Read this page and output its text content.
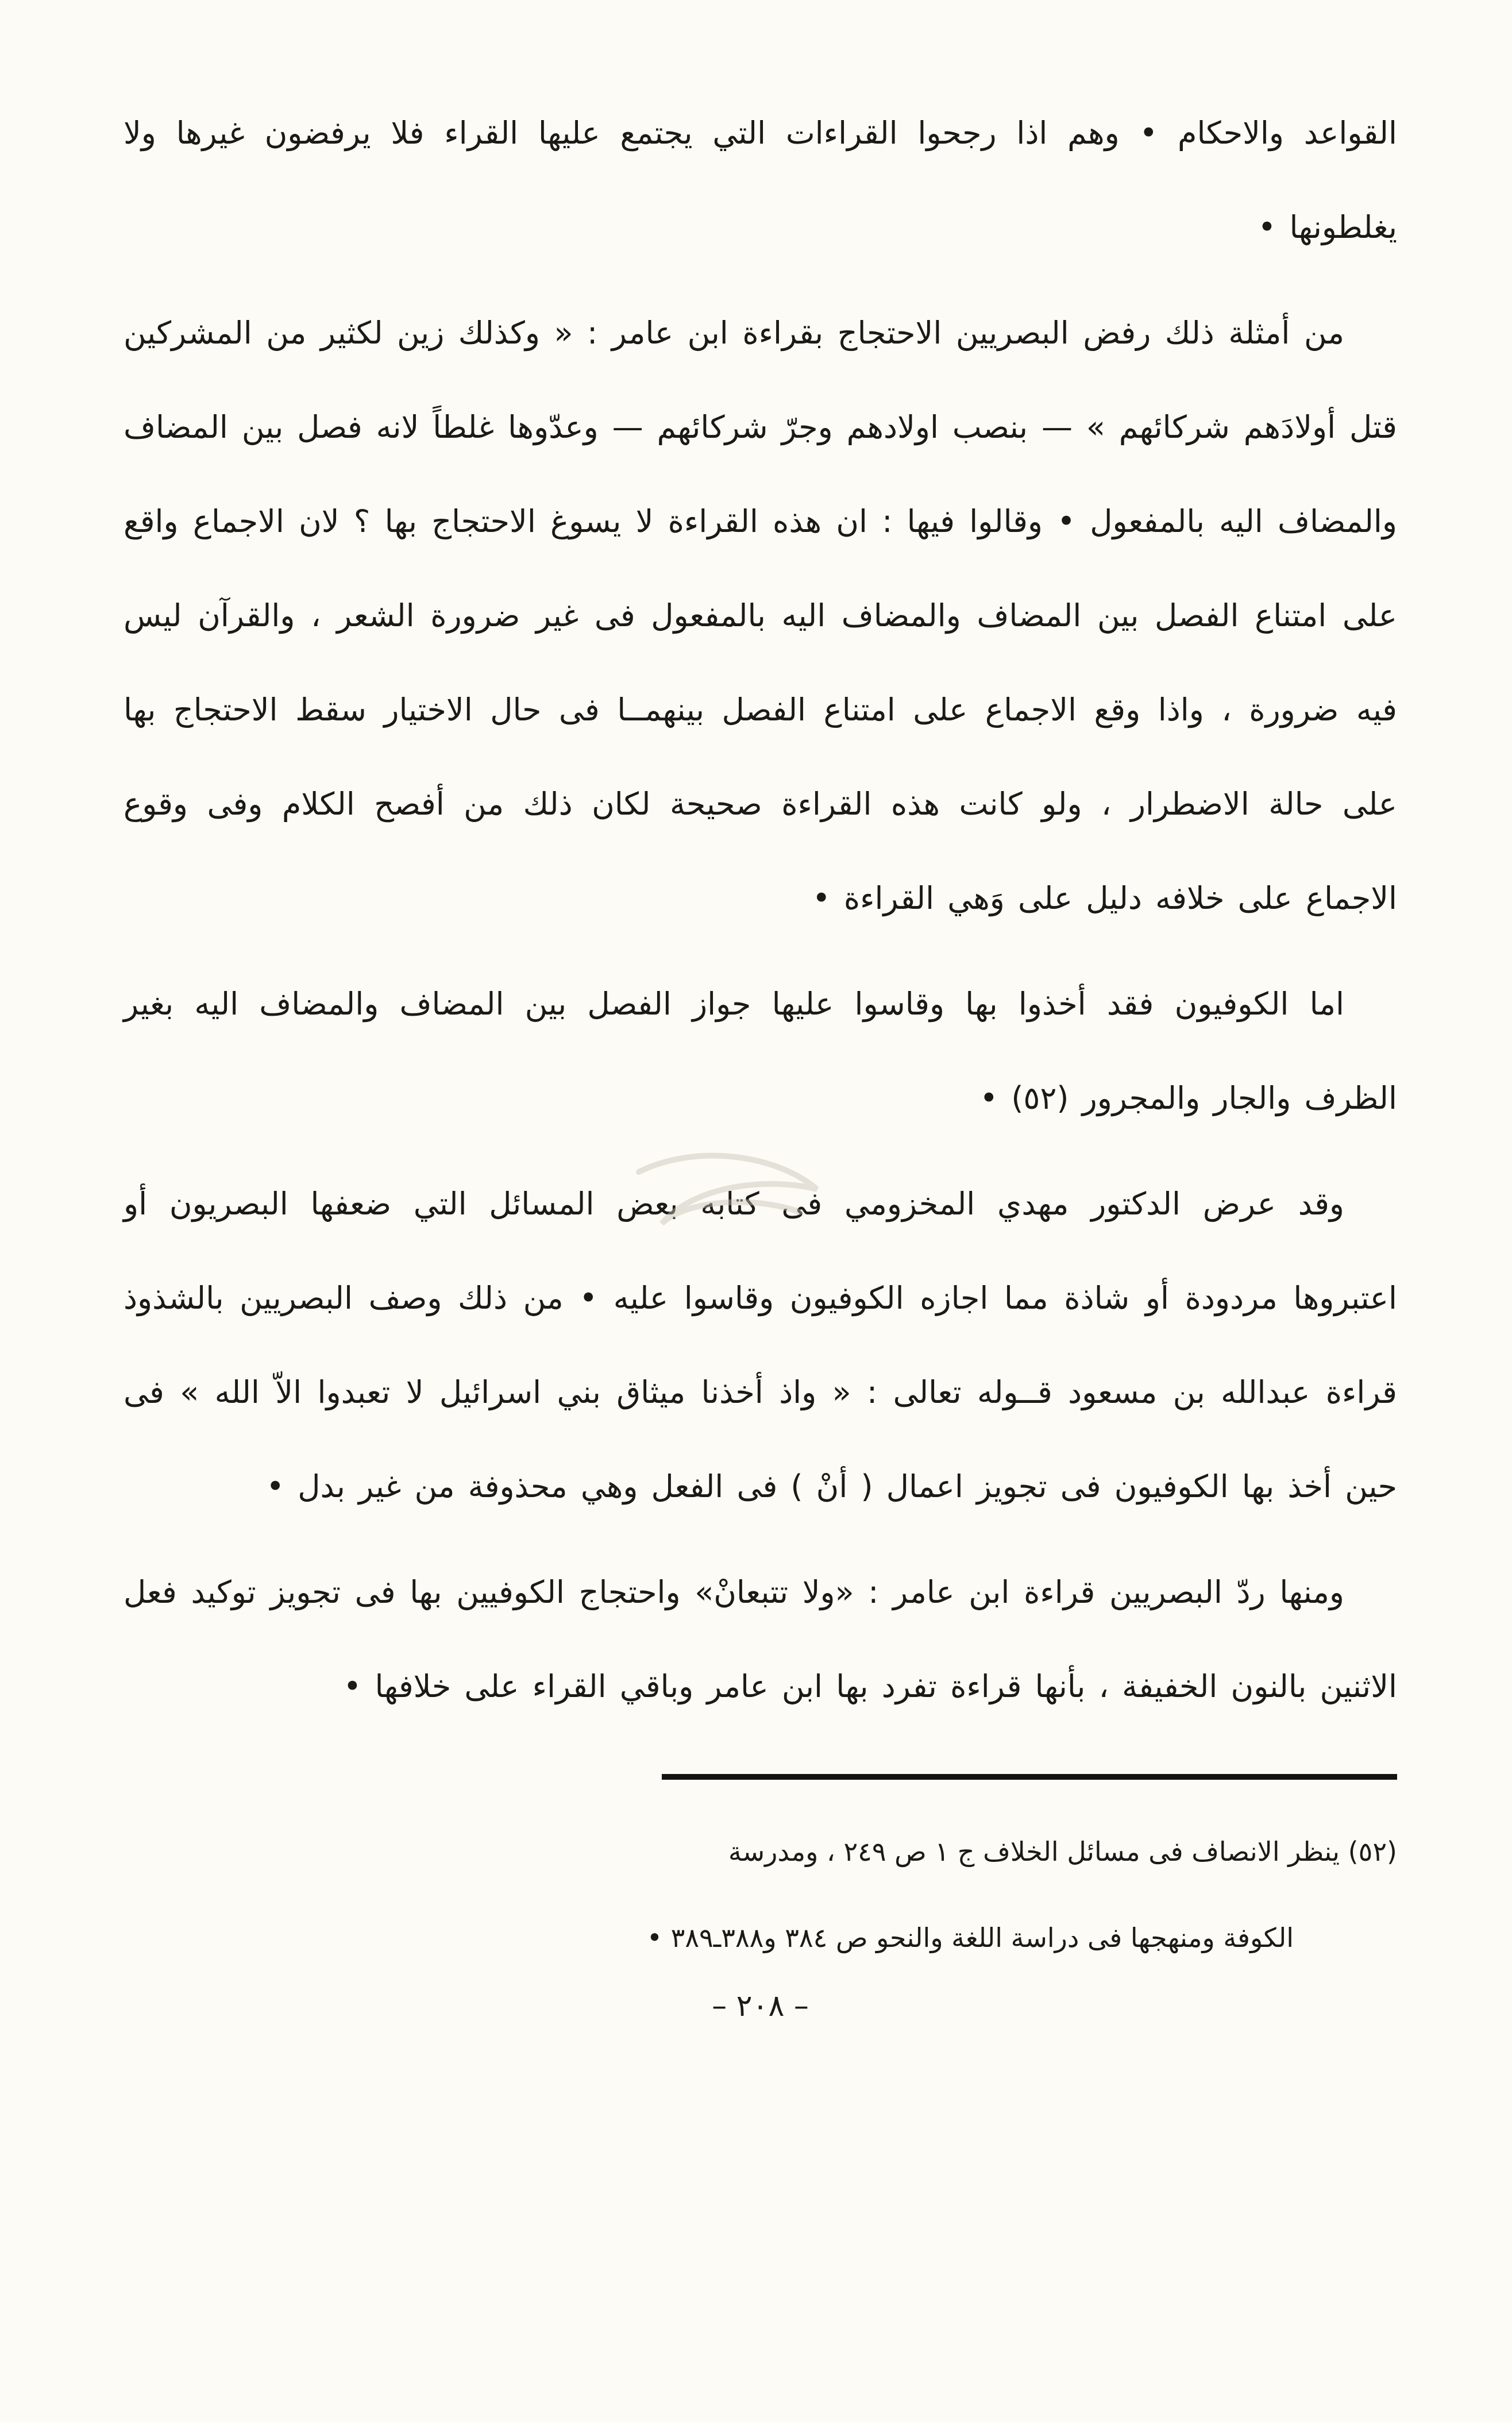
القواعد والاحكام • وهم اذا رجحوا القراءات التي يجتمع عليها القراء فلا يرفضون غيرها ولا يغلطونها •

من أمثلة ذلك رفض البصريين الاحتجاج بقراءة ابن عامر : « وكذلك زين لكثير من المشركين قتل أولادَهم شركائهم » — بنصب اولادهم وجرّ شركائهم — وعدّوها غلطاً لانه فصل بين المضاف والمضاف اليه بالمفعول • وقالوا فيها : ان هذه القراءة لا يسوغ الاحتجاج بها ؟ لان الاجماع واقع على امتناع الفصل بين المضاف والمضاف اليه بالمفعول فى غير ضرورة الشعر ، والقرآن ليس فيه ضرورة ، واذا وقع الاجماع على امتناع الفصل بينهمــا فى حال الاختيار سقط الاحتجاج بها على حالة الاضطرار ، ولو كانت هذه القراءة صحيحة لكان ذلك من أفصح الكلام وفى وقوع الاجماع على خلافه دليل على وَهي القراءة •

اما الكوفيون فقد أخذوا بها وقاسوا عليها جواز الفصل بين المضاف والمضاف اليه بغير الظرف والجار والمجرور (٥٢) •

وقد عرض الدكتور مهدي المخزومي فى كتابه بعض المسائل التي ضعفها البصريون أو اعتبروها مردودة أو شاذة مما اجازه الكوفيون وقاسوا عليه • من ذلك وصف البصريين بالشذوذ قراءة عبدالله بن مسعود قــوله تعالى : « واذ أخذنا ميثاق بني اسرائيل لا تعبدوا الاّ الله » فى حين أخذ بها الكوفيون فى تجويز اعمال ( أنْ ) فى الفعل وهي محذوفة من غير بدل •

ومنها ردّ البصريين قراءة ابن عامر : «ولا تتبعانْ» واحتجاج الكوفيين بها فى تجويز توكيد فعل الاثنين بالنون الخفيفة ، بأنها قراءة تفرد بها ابن عامر وباقي القراء على خلافها •

(٥٢) ينظر الانصاف فى مسائل الخلاف ج ١ ص ٢٤٩ ، ومدرسة
الكوفة ومنهجها فى دراسة اللغة والنحو ص ٣٨٤ و٣٨٨ـ٣٨٩ •
– ٢٠٨ –
